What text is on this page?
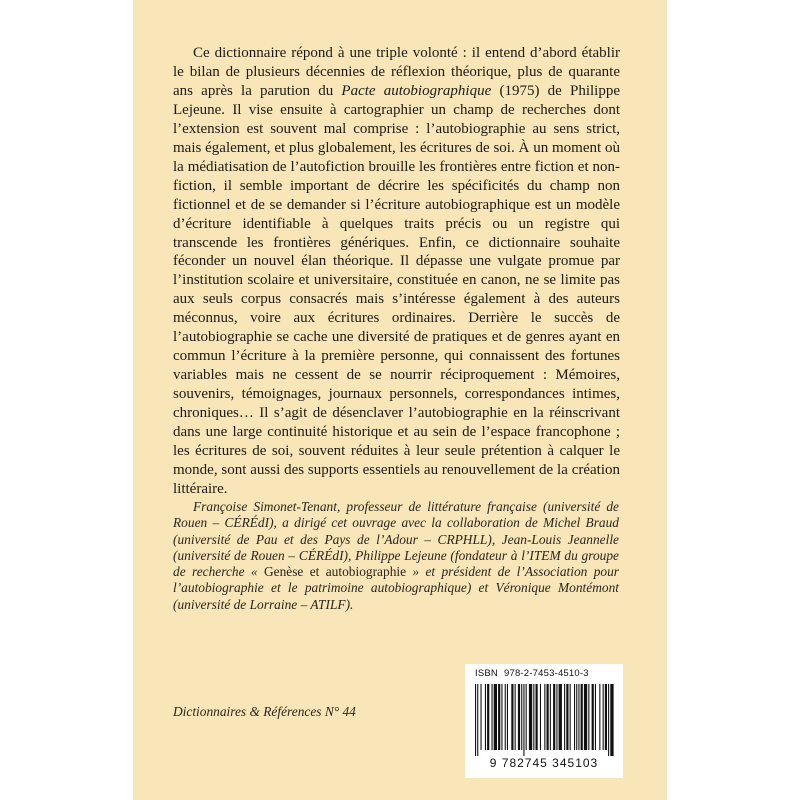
Ce dictionnaire répond à une triple volonté : il entend d’abord établir le bilan de plusieurs décennies de réflexion théorique, plus de quarante ans après la parution du Pacte autobiographique (1975) de Philippe Lejeune. Il vise ensuite à cartographier un champ de recherches dont l’extension est souvent mal comprise : l’autobiographie au sens strict, mais également, et plus globalement, les écritures de soi. À un moment où la médiatisation de l’autofiction brouille les frontières entre fiction et non-fiction, il semble important de décrire les spécificités du champ non fictionnel et de se demander si l’écriture autobiographique est un modèle d’écriture identifiable à quelques traits précis ou un registre qui transcende les frontières génériques. Enfin, ce dictionnaire souhaite féconder un nouvel élan théorique. Il dépasse une vulgate promue par l’institution scolaire et universitaire, constituée en canon, ne se limite pas aux seuls corpus consacrés mais s’intéresse également à des auteurs méconnus, voire aux écritures ordinaires. Derrière le succès de l’autobiographie se cache une diversité de pratiques et de genres ayant en commun l’écriture à la première personne, qui connaissent des fortunes variables mais ne cessent de se nourrir réciproquement : Mémoires, souvenirs, témoignages, journaux personnels, correspondances intimes, chroniques… Il s’agit de désenclaver l’autobiographie en la réinscrivant dans une large continuité historique et au sein de l’espace francophone ; les écritures de soi, souvent réduites à leur seule prétention à calquer le monde, sont aussi des supports essentiels au renouvellement de la création littéraire.

Françoise Simonet-Tenant, professeur de littérature française (université de Rouen – CÉRÉdI), a dirigé cet ouvrage avec la collaboration de Michel Braud (université de Pau et des Pays de l’Adour – CRPHLL), Jean-Louis Jeannelle (université de Rouen – CÉRÉdI), Philippe Lejeune (fondateur à l’ITEM du groupe de recherche « Genèse et autobiographie » et président de l’Association pour l’autobiographie et le patrimoine autobiographique) et Véronique Montémont (université de Lorraine – ATILF).

Dictionnaires & Références N° 44
ISBN 978-2-7453-4510-3
9 782745 345103
